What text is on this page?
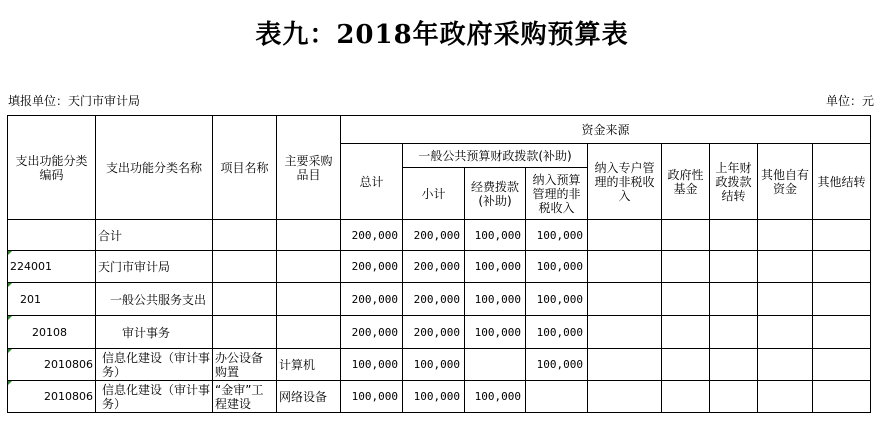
表九：2018年政府采购预算表
填报单位：天门市审计局	单位：元
支出功能分类编码	支出功能分类名称	项目名称	主要采购品目	资金来源								
				总计	一般公共预算财政拨款(补助)			纳入专户管理的非税收入	政府性基金	上年财政拨款结转	其他自有资金	其他结转
					小计	经费拨款(补助)	纳入预算管理的非税收入					
	合计			200,000	200,000	100,000	100,000					
224001	天门市审计局			200,000	200,000	100,000	100,000					
201	一般公共服务支出			200,000	200,000	100,000	100,000					
20108	审计事务			200,000	200,000	100,000	100,000					
2010806	信息化建设（审计事务）	办公设备购置	计算机	100,000	100,000		100,000					
2010806	信息化建设（审计事务）	“金审”工程建设	网络设备	100,000	100,000	100,000						
